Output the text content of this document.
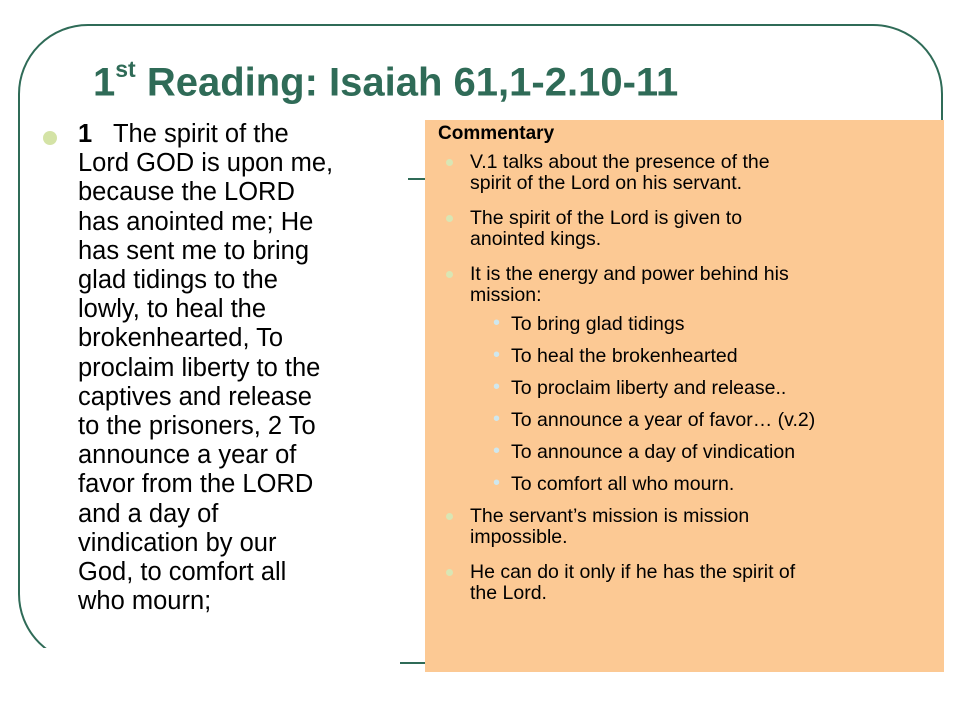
1st Reading: Isaiah 61,1-2.10-11
1   The spirit of the
Lord GOD is upon me,
because the LORD
has anointed me; He
has sent me to bring
glad tidings to the
lowly, to heal the
brokenhearted, To
proclaim liberty to the
captives and release
to the prisoners, 2 To
announce a year of
favor from the LORD
and a day of
vindication by our
God, to comfort all
who mourn;
Commentary
V.1 talks about the presence of the
spirit of the Lord on his servant.
The spirit of the Lord is given to
anointed kings.
It is the energy and power behind his
mission:
• To bring glad tidings
• To heal the brokenhearted
• To proclaim liberty and release..
• To announce a year of favor… (v.2)
• To announce a day of vindication
• To comfort all who mourn.
The servant’s mission is mission
impossible.
He can do it only if he has the spirit of
the Lord.
